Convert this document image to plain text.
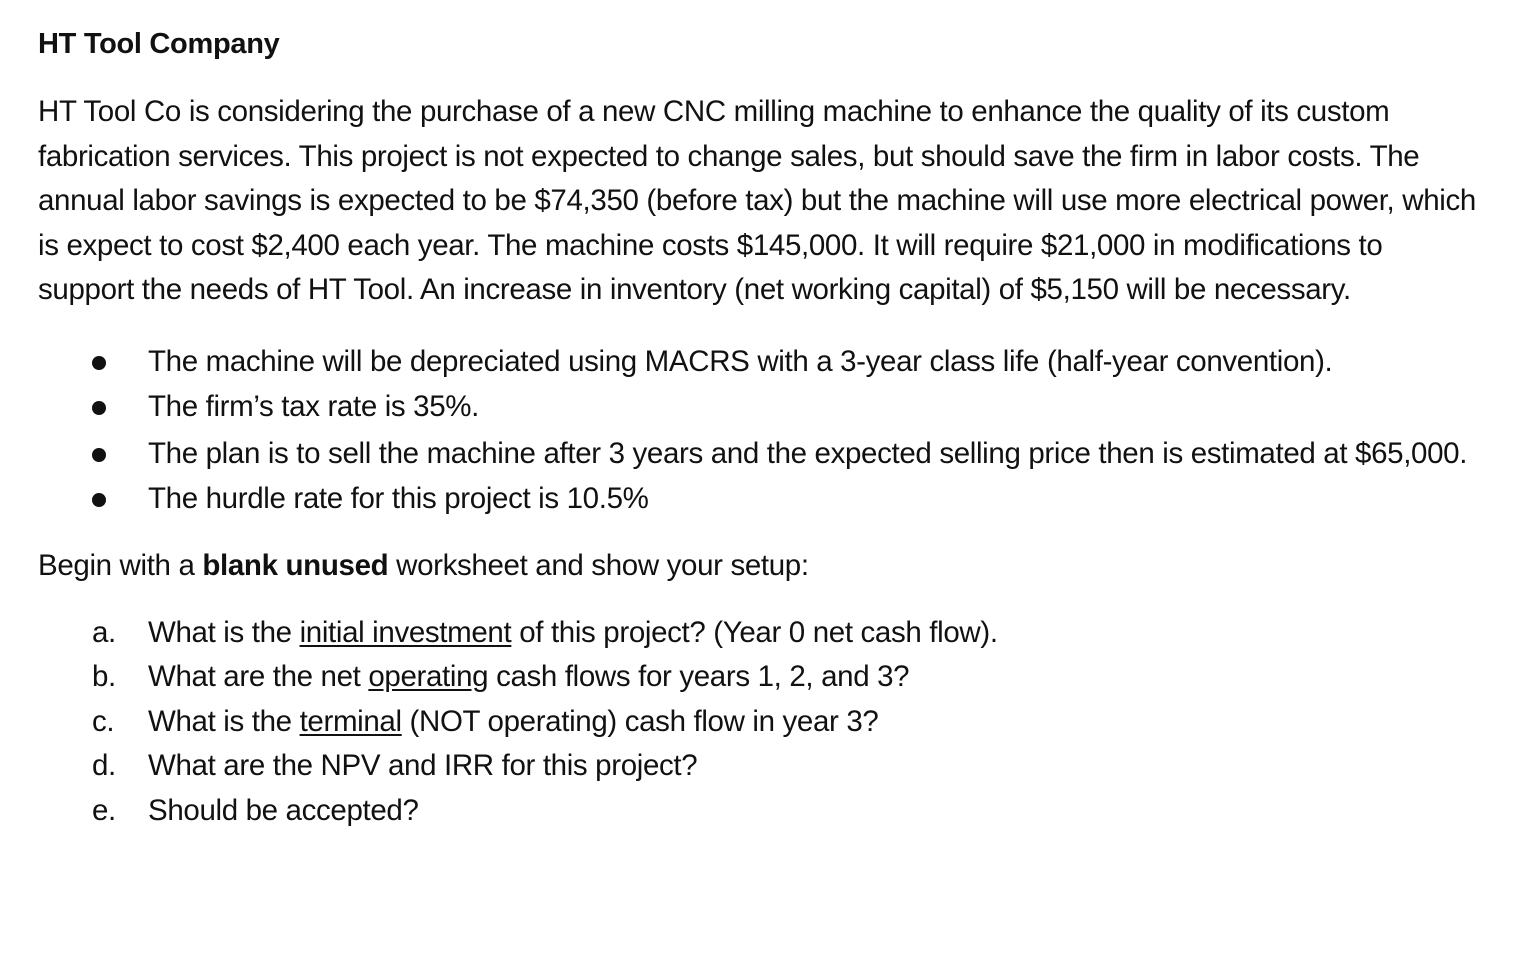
HT Tool Company

HT Tool Co is considering the purchase of a new CNC milling machine to enhance the quality of its custom fabrication services. This project is not expected to change sales, but should save the firm in labor costs. The annual labor savings is expected to be $74,350 (before tax) but the machine will use more electrical power, which is expect to cost $2,400 each year. The machine costs $145,000. It will require $21,000 in modifications to support the needs of HT Tool. An increase in inventory (net working capital) of $5,150 will be necessary.

The machine will be depreciated using MACRS with a 3-year class life (half-year convention).
The firm’s tax rate is 35%.
The plan is to sell the machine after 3 years and the expected selling price then is estimated at $65,000.
The hurdle rate for this project is 10.5%

Begin with a blank unused worksheet and show your setup:

a. What is the initial investment of this project? (Year 0 net cash flow).
b. What are the net operating cash flows for years 1, 2, and 3?
c. What is the terminal (NOT operating) cash flow in year 3?
d. What are the NPV and IRR for this project?
e. Should be accepted?
